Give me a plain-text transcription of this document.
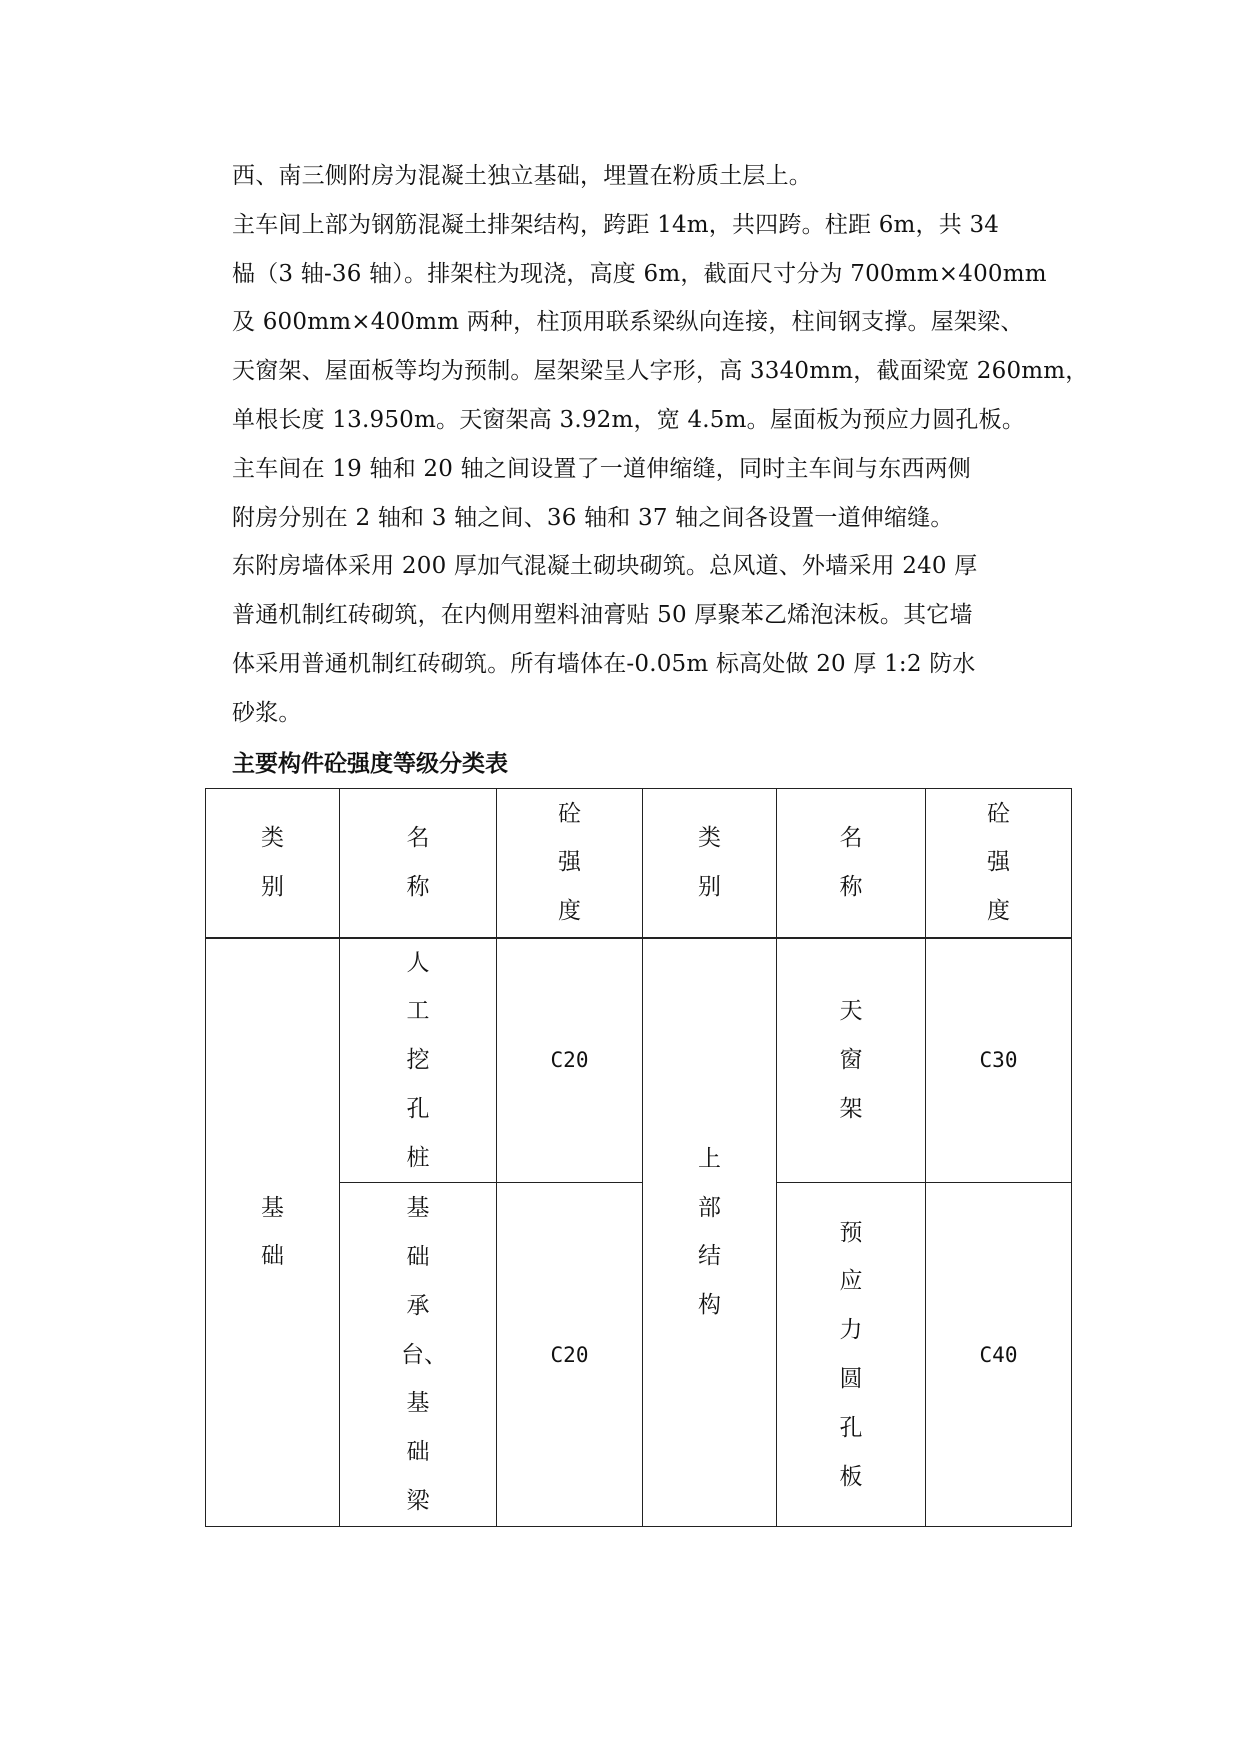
西、南三侧附房为混凝土独立基础，埋置在粉质土层上。
主车间上部为钢筋混凝土排架结构，跨距 14m，共四跨。柱距 6m，共 34
榀（3 轴-36 轴）。排架柱为现浇，高度 6m，截面尺寸分为 700mm×400mm
及 600mm×400mm 两种，柱顶用联系梁纵向连接，柱间钢支撑。屋架梁、
天窗架、屋面板等均为预制。屋架梁呈人字形，高 3340mm，截面梁宽 260mm，
单根长度 13.950m。天窗架高 3.92m，宽 4.5m。屋面板为预应力圆孔板。
主车间在 19 轴和 20 轴之间设置了一道伸缩缝，同时主车间与东西两侧
附房分别在 2 轴和 3 轴之间、36 轴和 37 轴之间各设置一道伸缩缝。
东附房墙体采用 200 厚加气混凝土砌块砌筑。总风道、外墙采用 240 厚
普通机制红砖砌筑，在内侧用塑料油膏贴 50 厚聚苯乙烯泡沫板。其它墙
体采用普通机制红砖砌筑。所有墙体在-0.05m 标高处做 20 厚 1:2 防水
砂浆。
主要构件砼强度等级分类表
类别	名称	砼强度	类别	名称	砼强度
基础	人工挖孔桩	C20	上部结构	天窗架	C30
	基础承台、基础梁	C20		预应力圆孔板	C40
